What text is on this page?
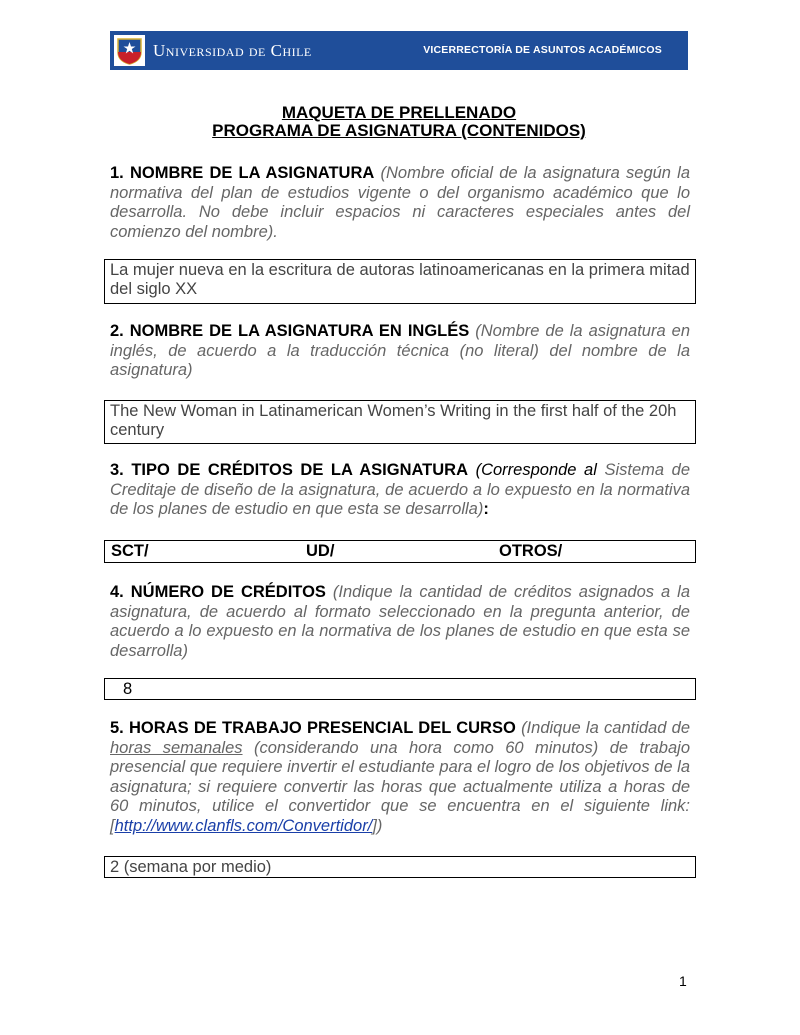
Universidad de Chile	VICERRECTORÍA DE ASUNTOS ACADÉMICOS
MAQUETA DE PRELLENADO
PROGRAMA DE ASIGNATURA (CONTENIDOS)
1. NOMBRE DE LA ASIGNATURA (Nombre oficial de la asignatura según la normativa del plan de estudios vigente o del organismo académico que lo desarrolla. No debe incluir espacios ni caracteres especiales antes del comienzo del nombre).
La mujer nueva en la escritura de autoras latinoamericanas en la primera mitad del siglo XX
2. NOMBRE DE LA ASIGNATURA EN INGLÉS (Nombre de la asignatura en inglés, de acuerdo a la traducción técnica (no literal) del nombre de la asignatura)
The New Woman in Latinamerican Women’s Writing in the first half of the 20h century
3. TIPO DE CRÉDITOS DE LA ASIGNATURA (Corresponde al Sistema de Creditaje de diseño de la asignatura, de acuerdo a lo expuesto en la normativa de los planes de estudio en que esta se desarrolla):
SCT/	UD/	OTROS/
4. NÚMERO DE CRÉDITOS (Indique la cantidad de créditos asignados a la asignatura, de acuerdo al formato seleccionado en la pregunta anterior, de acuerdo a lo expuesto en la normativa de los planes de estudio en que esta se desarrolla)
8
5. HORAS DE TRABAJO PRESENCIAL DEL CURSO (Indique la cantidad de horas semanales (considerando una hora como 60 minutos) de trabajo presencial que requiere invertir el estudiante para el logro de los objetivos de la asignatura; si requiere convertir las horas que actualmente utiliza a horas de 60 minutos, utilice el convertidor que se encuentra en el siguiente link: [http://www.clanfls.com/Convertidor/])
2 (semana por medio)
1
